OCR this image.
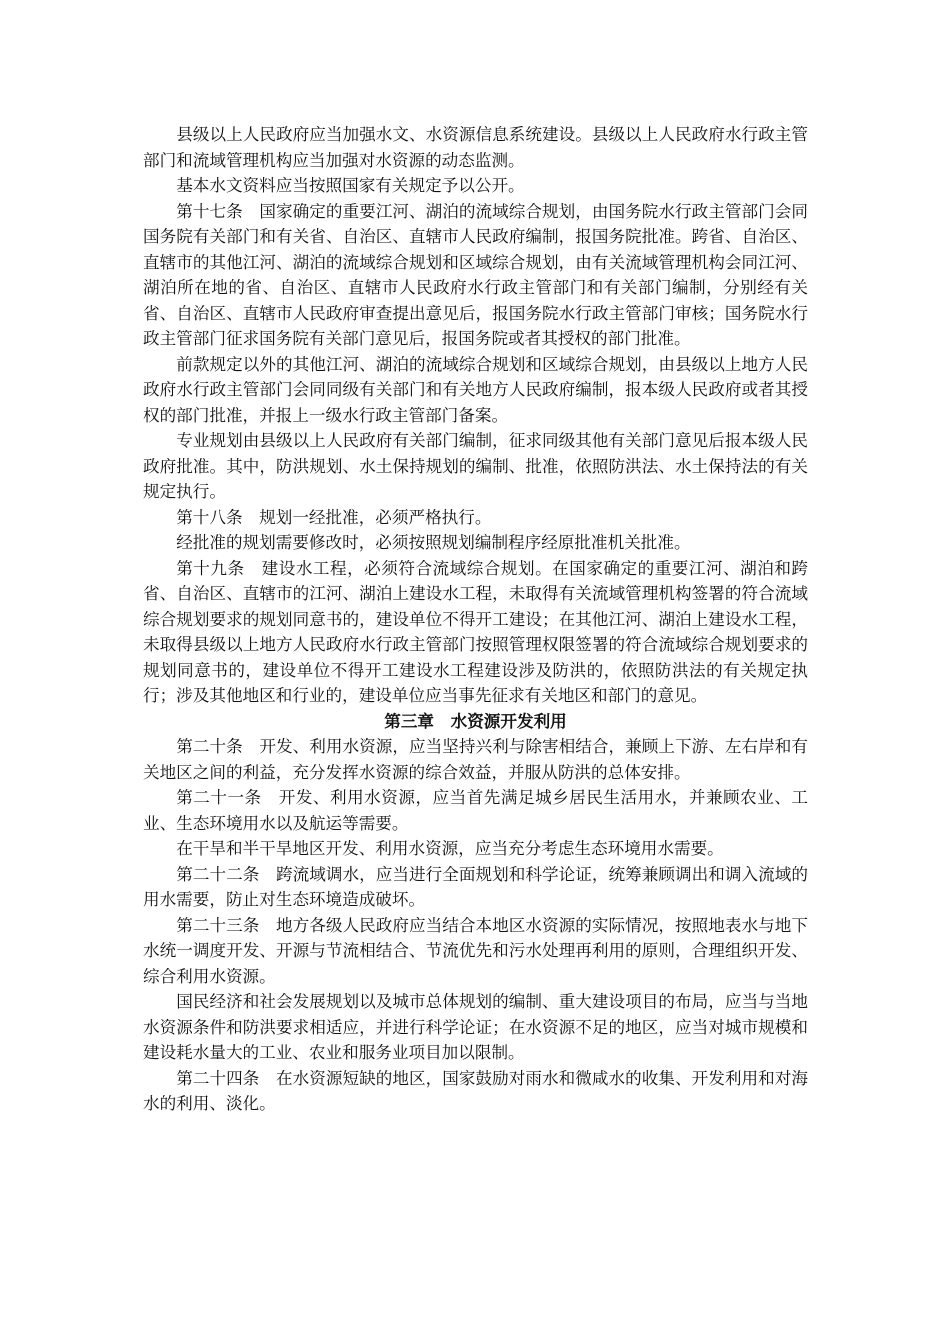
县级以上人民政府应当加强水文、水资源信息系统建设。县级以上人民政府水行政主管部门和流域管理机构应当加强对水资源的动态监测。

基本水文资料应当按照国家有关规定予以公开。

第十七条　国家确定的重要江河、湖泊的流域综合规划，由国务院水行政主管部门会同国务院有关部门和有关省、自治区、直辖市人民政府编制，报国务院批准。跨省、自治区、直辖市的其他江河、湖泊的流域综合规划和区域综合规划，由有关流域管理机构会同江河、湖泊所在地的省、自治区、直辖市人民政府水行政主管部门和有关部门编制，分别经有关省、自治区、直辖市人民政府审查提出意见后，报国务院水行政主管部门审核；国务院水行政主管部门征求国务院有关部门意见后，报国务院或者其授权的部门批准。

前款规定以外的其他江河、湖泊的流域综合规划和区域综合规划，由县级以上地方人民政府水行政主管部门会同同级有关部门和有关地方人民政府编制，报本级人民政府或者其授权的部门批准，并报上一级水行政主管部门备案。

专业规划由县级以上人民政府有关部门编制，征求同级其他有关部门意见后报本级人民政府批准。其中，防洪规划、水土保持规划的编制、批准，依照防洪法、水土保持法的有关规定执行。

第十八条　规划一经批准，必须严格执行。

经批准的规划需要修改时，必须按照规划编制程序经原批准机关批准。

第十九条　建设水工程，必须符合流域综合规划。在国家确定的重要江河、湖泊和跨省、自治区、直辖市的江河、湖泊上建设水工程，未取得有关流域管理机构签署的符合流域综合规划要求的规划同意书的，建设单位不得开工建设；在其他江河、湖泊上建设水工程，未取得县级以上地方人民政府水行政主管部门按照管理权限签署的符合流域综合规划要求的规划同意书的，建设单位不得开工建设水工程建设涉及防洪的，依照防洪法的有关规定执行；涉及其他地区和行业的，建设单位应当事先征求有关地区和部门的意见。

第三章　水资源开发利用

第二十条　开发、利用水资源，应当坚持兴利与除害相结合，兼顾上下游、左右岸和有关地区之间的利益，充分发挥水资源的综合效益，并服从防洪的总体安排。

第二十一条　开发、利用水资源，应当首先满足城乡居民生活用水，并兼顾农业、工业、生态环境用水以及航运等需要。

在干旱和半干旱地区开发、利用水资源，应当充分考虑生态环境用水需要。

第二十二条　跨流域调水，应当进行全面规划和科学论证，统筹兼顾调出和调入流域的用水需要，防止对生态环境造成破坏。

第二十三条　地方各级人民政府应当结合本地区水资源的实际情况，按照地表水与地下水统一调度开发、开源与节流相结合、节流优先和污水处理再利用的原则，合理组织开发、综合利用水资源。

国民经济和社会发展规划以及城市总体规划的编制、重大建设项目的布局，应当与当地水资源条件和防洪要求相适应，并进行科学论证；在水资源不足的地区，应当对城市规模和建设耗水量大的工业、农业和服务业项目加以限制。

第二十四条　在水资源短缺的地区，国家鼓励对雨水和微咸水的收集、开发利用和对海水的利用、淡化。
